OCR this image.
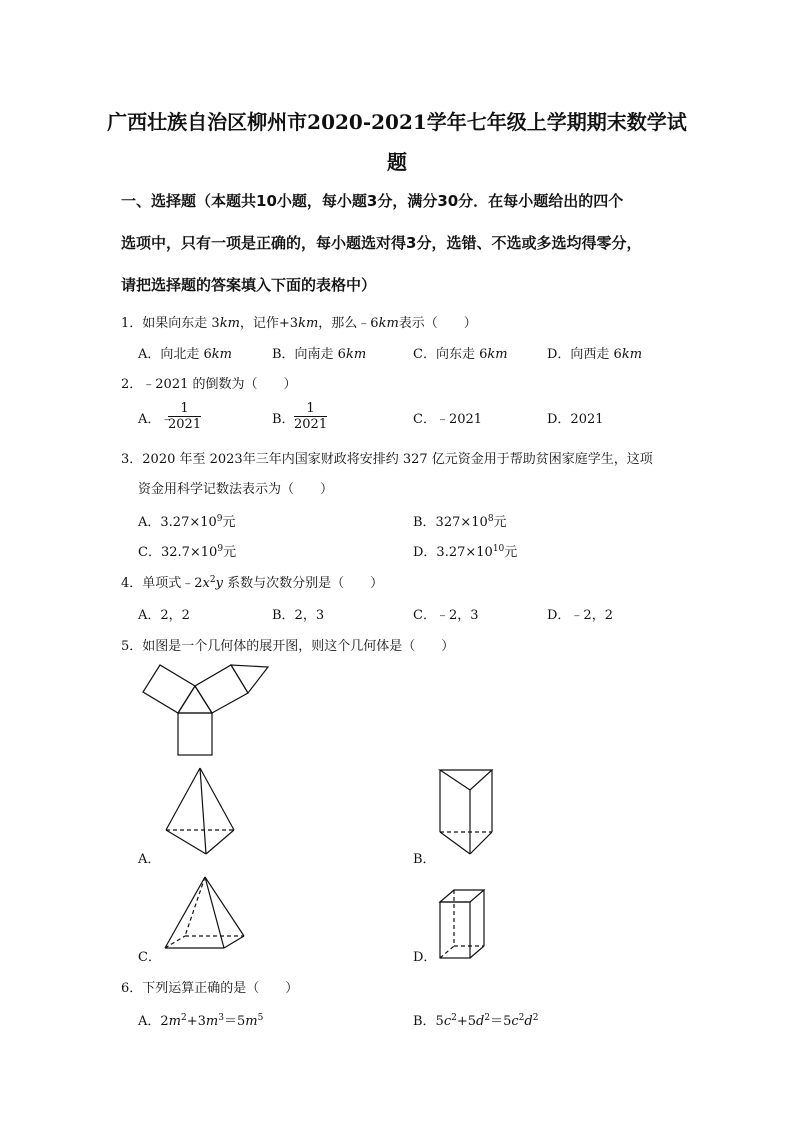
广西壮族自治区柳州市2020-2021学年七年级上学期期末数学试
题
一、选择题（本题共10小题，每小题3分，满分30分．在每小题给出的四个
选项中，只有一项是正确的，每小题选对得3分，选错、不选或多选均得零分，
请把选择题的答案填入下面的表格中）
1．如果向东走 3km，记作+3km，那么﹣6km表示（　　）
A．向北走 6km	B．向南走 6km	C．向东走 6km	D．向西走 6km
2．﹣2021 的倒数为（　　）
A．﹣
$\frac{1}{2021}$	B． $\frac{1}{2021}$	C．﹣2021	D．2021
3．2020 年至 2023年三年内国家财政将安排约 327 亿元资金用于帮助贫困家庭学生，这项
资金用科学记数法表示为（　　）
A．$3.27\times 10^9$元	B．$327\times 10^8$元
C．$32.7\times 10^9$元	D．$3.27\times 10^{10}$元
4．单项式$﹣2x^2y$ 系数与次数分别是（　　）
A．2，2	B．2，3	C．﹣2，3	D．﹣2，2
5．如图是一个几何体的展开图，则这个几何体是（　　）
A．	B．
C．	D．
6．下列运算正确的是（　　）
A．$2m^2+3m^3=5m^5$	B．$5c^2+5d^2=5c^2d^2$
